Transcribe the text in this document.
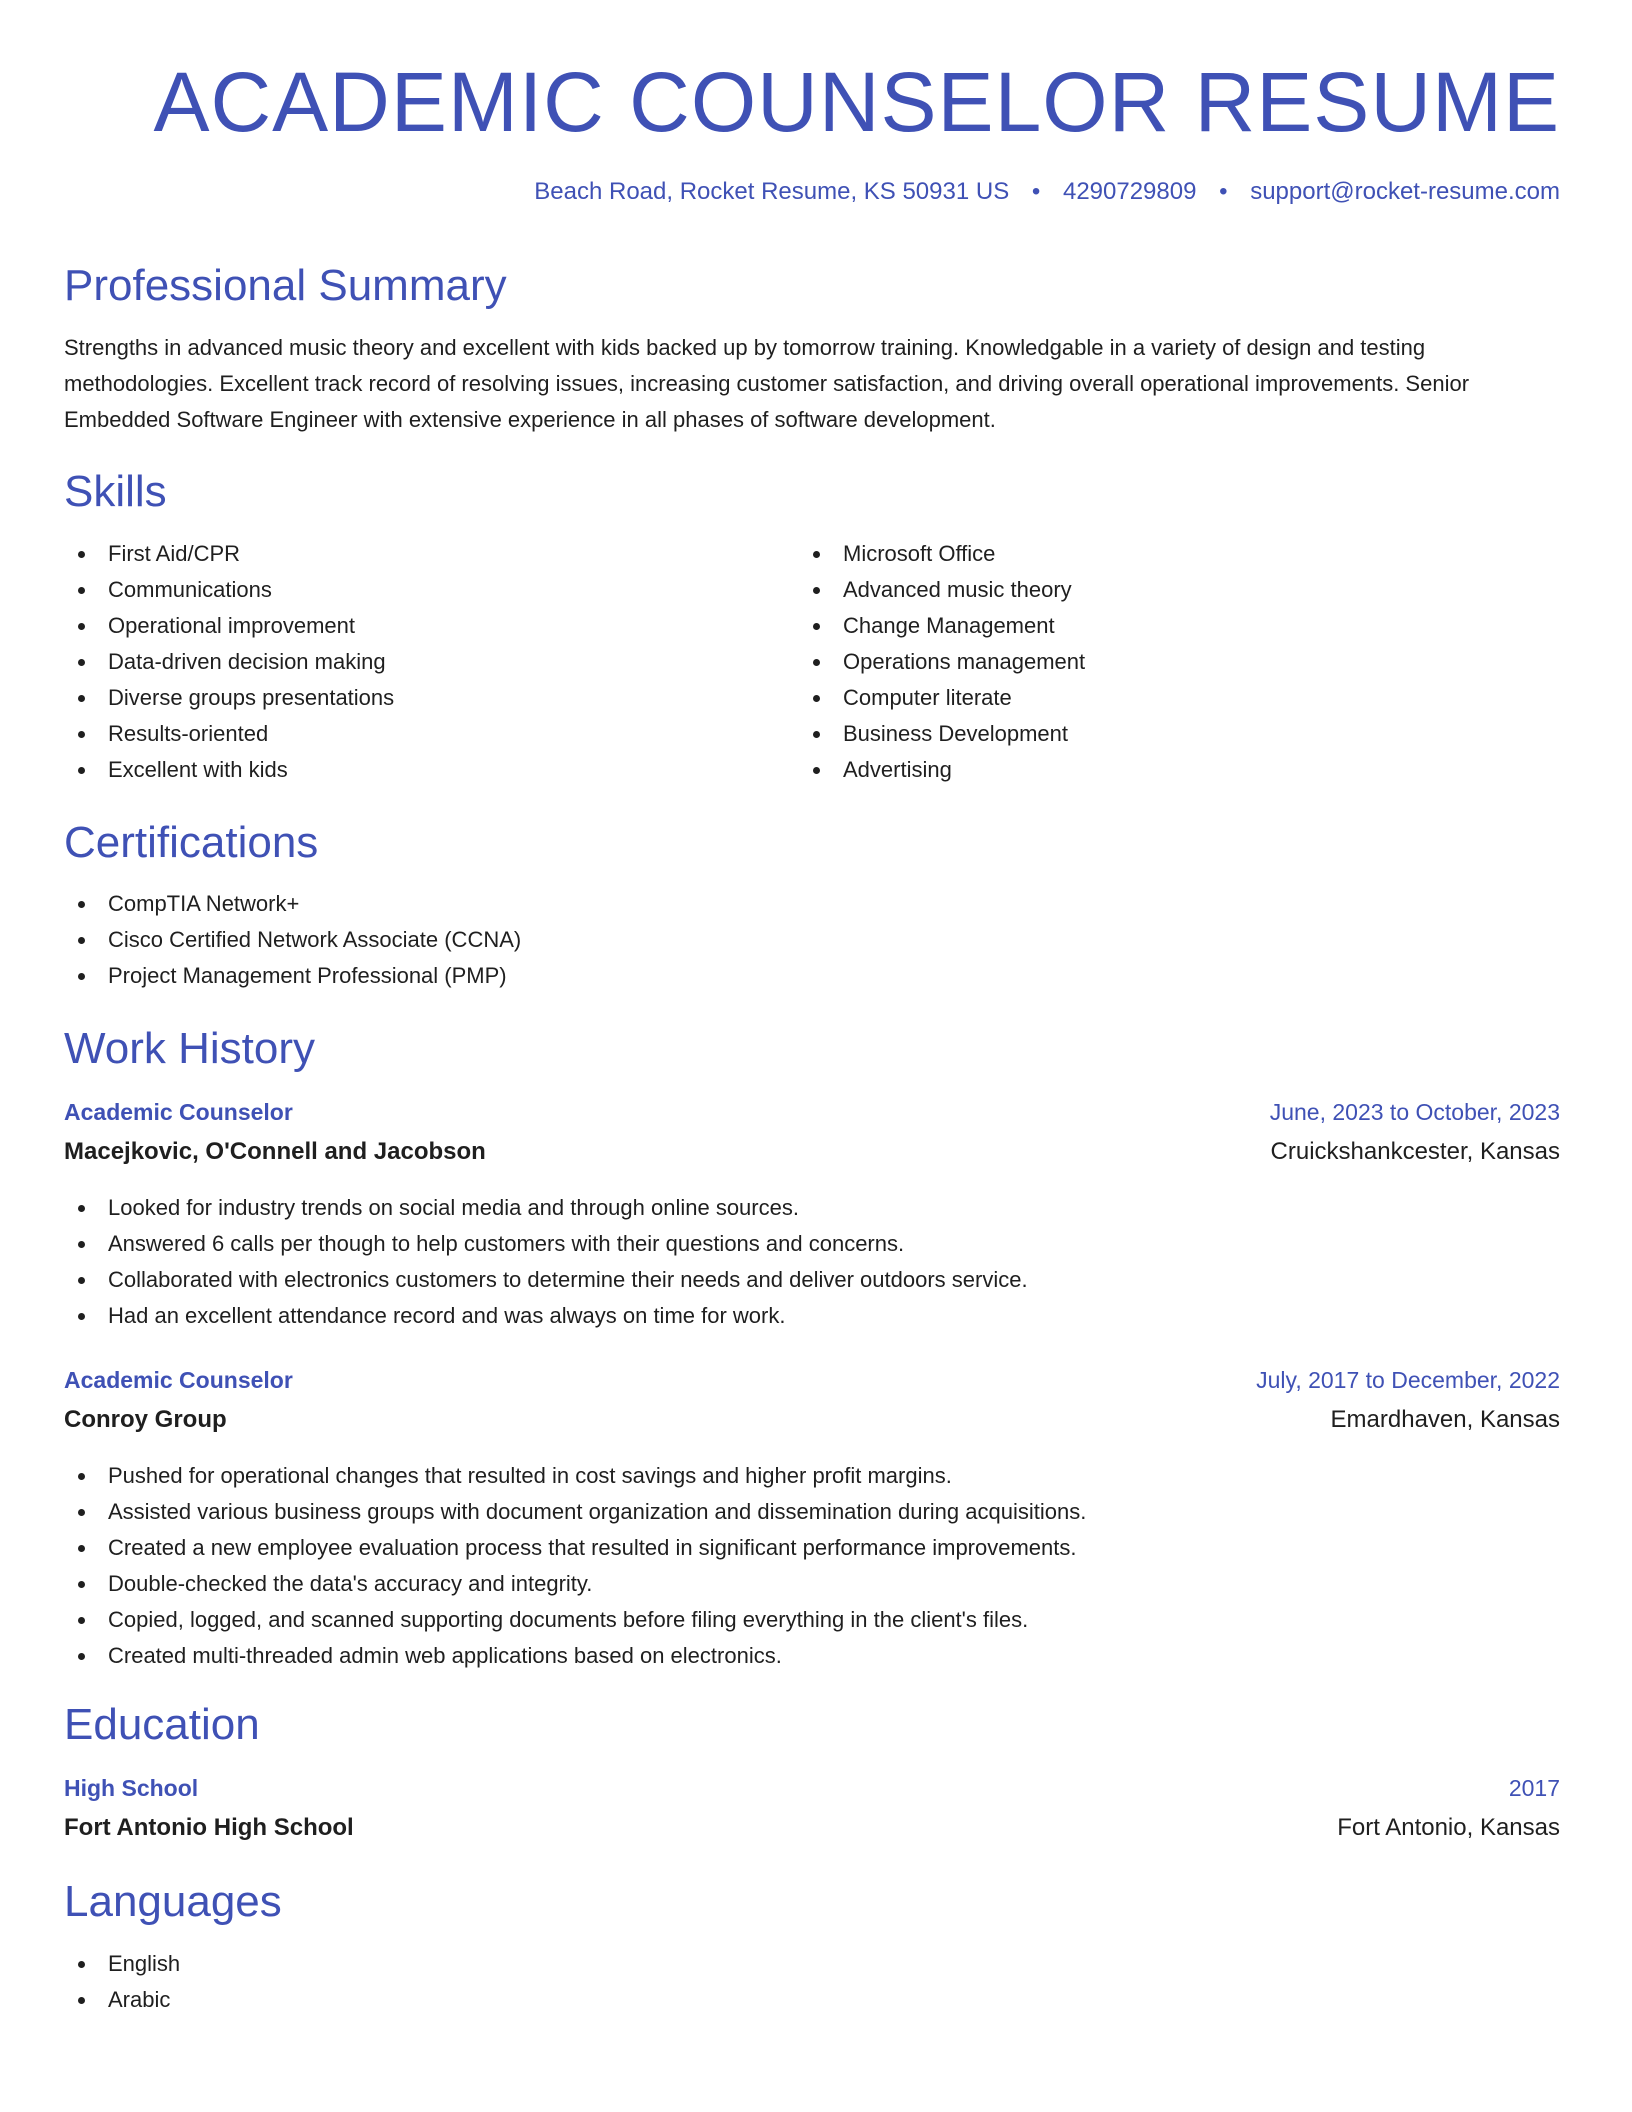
ACADEMIC COUNSELOR RESUME
Beach Road, Rocket Resume, KS 50931 US • 4290729809 • support@rocket-resume.com
Professional Summary

Strengths in advanced music theory and excellent with kids backed up by tomorrow training. Knowledgable in a variety of design and testing methodologies. Excellent track record of resolving issues, increasing customer satisfaction, and driving overall operational improvements. Senior Embedded Software Engineer with extensive experience in all phases of software development.

Skills
First Aid/CPR
Communications
Operational improvement
Data-driven decision making
Diverse groups presentations
Results-oriented
Excellent with kids
Microsoft Office
Advanced music theory
Change Management
Operations management
Computer literate
Business Development
Advertising
Certifications
CompTIA Network+
Cisco Certified Network Associate (CCNA)
Project Management Professional (PMP)
Work History
Academic Counselor	June, 2023 to October, 2023
Macejkovic, O'Connell and Jacobson	Cruickshankcester, Kansas
Looked for industry trends on social media and through online sources.
Answered 6 calls per though to help customers with their questions and concerns.
Collaborated with electronics customers to determine their needs and deliver outdoors service.
Had an excellent attendance record and was always on time for work.
Academic Counselor	July, 2017 to December, 2022
Conroy Group	Emardhaven, Kansas
Pushed for operational changes that resulted in cost savings and higher profit margins.
Assisted various business groups with document organization and dissemination during acquisitions.
Created a new employee evaluation process that resulted in significant performance improvements.
Double-checked the data's accuracy and integrity.
Copied, logged, and scanned supporting documents before filing everything in the client's files.
Created multi-threaded admin web applications based on electronics.
Education
High School	2017
Fort Antonio High School	Fort Antonio, Kansas
Languages
English
Arabic
